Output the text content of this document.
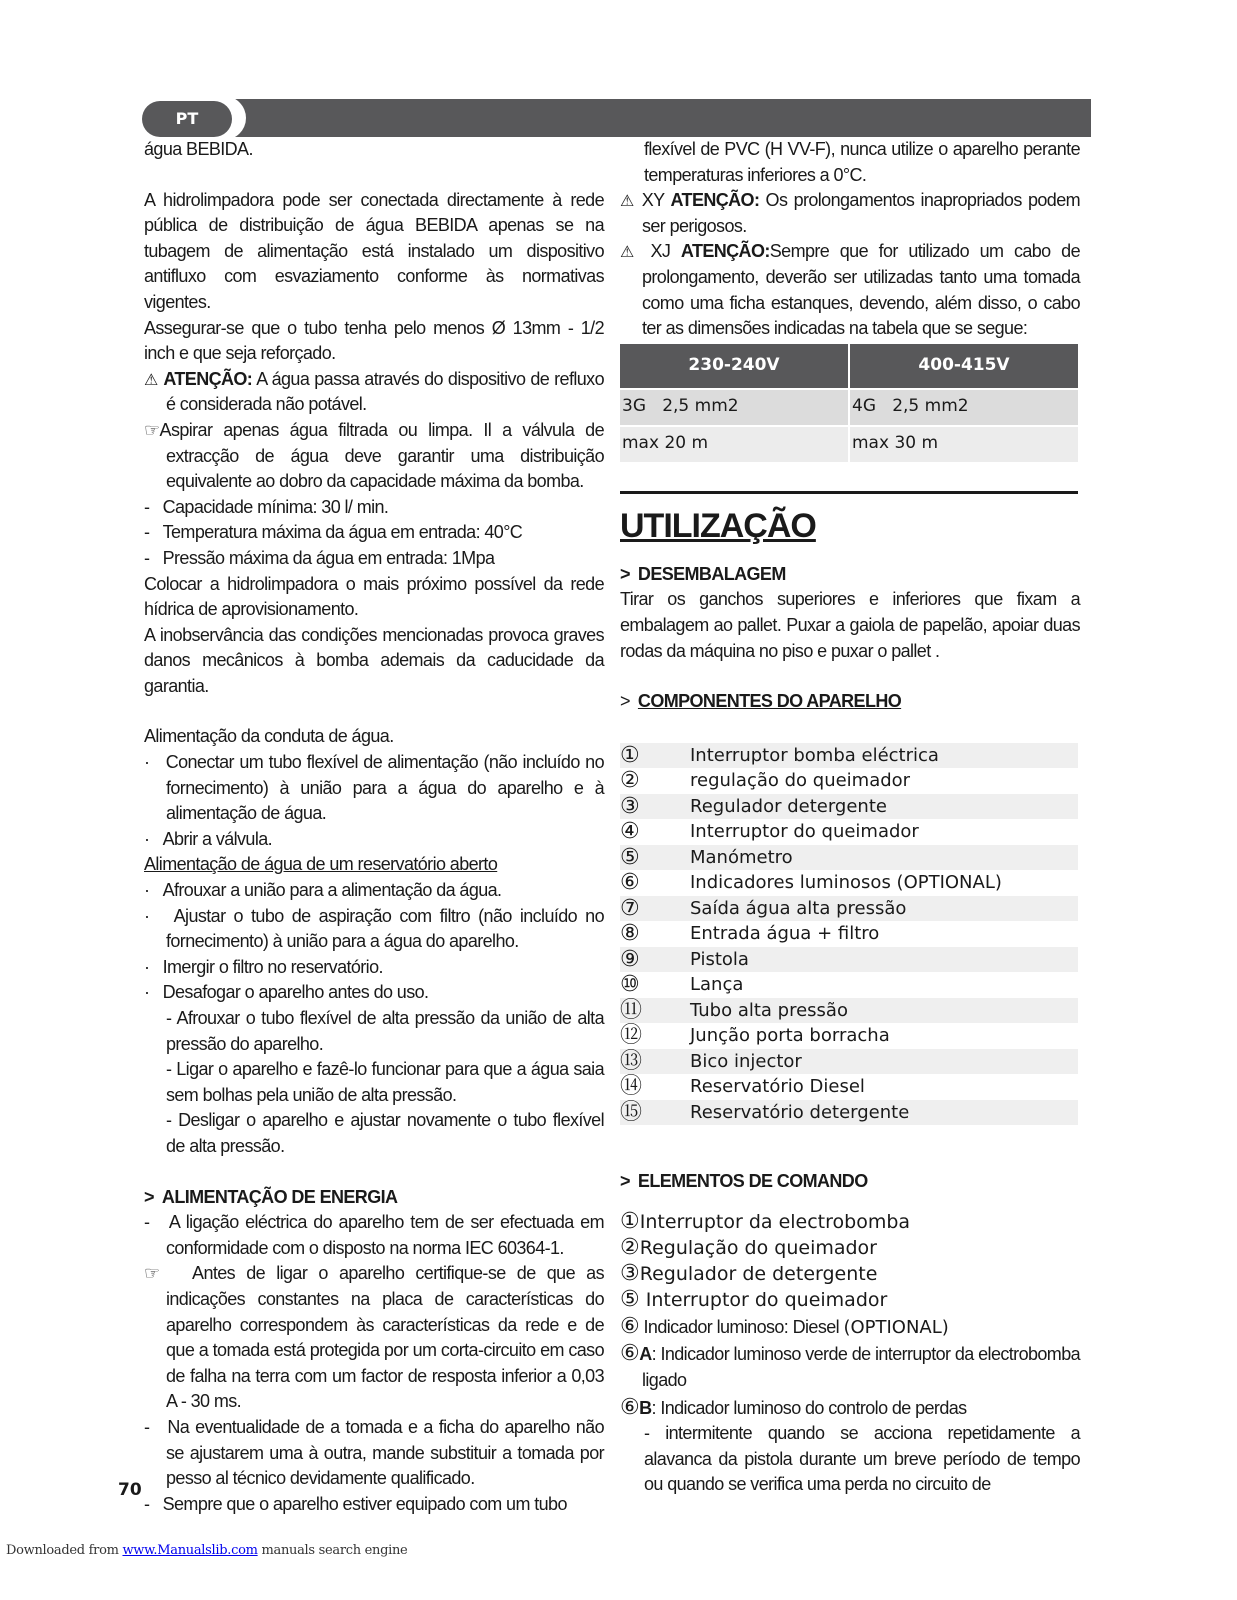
PT

água BEBIDA.

A hidrolimpadora pode ser conectada directamente à rede pública de distribuição de água BEBIDA apenas se na tubagem de alimentação está instalado um dispositivo antifluxo com esvaziamento conforme às normativas vigentes.

Assegurar-se que o tubo tenha pelo menos Ø 13mm - 1/2 inch e que seja reforçado.

⚠ ATENÇÃO: A água passa através do dispositivo de refluxo é considerada não potável.

☞Aspirar apenas água filtrada ou limpa. Il a válvula de extracção de água deve garantir uma distribuição equivalente ao dobro da capacidade máxima da bomba.

-   Capacidade mínima: 30 l/ min.

-   Temperatura máxima da água em entrada: 40°C

-   Pressão máxima da água em entrada: 1Mpa

Colocar a hidrolimpadora o mais próximo possível da rede hídrica de aprovisionamento.

A inobservância das condições mencionadas provoca graves danos mecânicos à bomba ademais da caducidade da garantia.

Alimentação da conduta de água.

·   Conectar um tubo flexível de alimentação (não incluído no fornecimento) à união para a água do aparelho e à alimentação de água.

·   Abrir a válvula.

Alimentação de água de um reservatório aberto

·   Afrouxar a união para a alimentação da água.

·   Ajustar o tubo de aspiração com filtro (não incluído no fornecimento) à união para a água do aparelho.

·   Imergir o filtro no reservatório.

·   Desafogar o aparelho antes do uso.

- Afrouxar o tubo flexível de alta pressão da união de alta pressão do aparelho.

- Ligar o aparelho e fazê-lo funcionar para que a água saia sem bolhas pela união de alta pressão.

- Desligar o aparelho e ajustar novamente o tubo flexível de alta pressão.

> ALIMENTAÇÃO DE ENERGIA

-   A ligação eléctrica do aparelho tem de ser efectuada em conformidade com o disposto na norma IEC 60364-1.

☞   Antes de ligar o aparelho certifique-se de que as indicações constantes na placa de características do aparelho correspondem às características da rede e de que a tomada está protegida por um corta-circuito em caso de falha na terra com um factor de resposta inferior a 0,03 A - 30 ms.

-   Na eventualidade de a tomada e a ficha do aparelho não se ajustarem uma à outra, mande substituir a tomada por pesso al técnico devidamente qualificado.

-   Sempre que o aparelho estiver equipado com um tubo

flexível de PVC (H VV-F), nunca utilize o aparelho perante temperaturas inferiores a 0°C.

⚠ XY ATENÇÃO: Os prolongamentos inapropriados podem ser perigosos.

⚠ XJ ATENÇÃO:Sempre que for utilizado um cabo de prolongamento, deverão ser utilizadas tanto uma tomada como uma ficha estanques, devendo, além disso, o cabo ter as dimensões indicadas na tabela que se segue:

230-240V	400-415V
3G   2,5 mm2	4G   2,5 mm2
max 20 m	max 30 m
UTILIZAÇÃO

> DESEMBALAGEM

Tirar os ganchos superiores e inferiores que fixam a embalagem ao pallet. Puxar a gaiola de papelão, apoiar duas rodas da máquina no piso e puxar o pallet .

> COMPONENTES DO APARELHO

①	Interruptor bomba eléctrica
②	regulação do queimador
③	Regulador detergente
④	Interruptor do queimador
⑤	Manómetro
⑥	Indicadores luminosos (OPTIONAL)
⑦	Saída água alta pressão
⑧	Entrada água + filtro
⑨	Pistola
⑩	Lança
⑪	Tubo alta pressão
⑫	Junção porta borracha
⑬	Bico injector
⑭	Reservatório Diesel
⑮	Reservatório detergente

> ELEMENTOS DE COMANDO

①Interruptor da electrobomba

②Regulação do queimador

③Regulador de detergente

⑤ Interruptor do queimador

⑥ Indicador luminoso: Diesel (OPTIONAL)

⑥A: Indicador luminoso verde de interruptor da electrobomba ligado

⑥B: Indicador luminoso do controlo de perdas

- intermitente quando se acciona repetidamente a alavanca da pistola durante um breve período de tempo ou quando se verifica uma perda no circuito de

70
Downloaded from www.Manualslib.com manuals search engine
